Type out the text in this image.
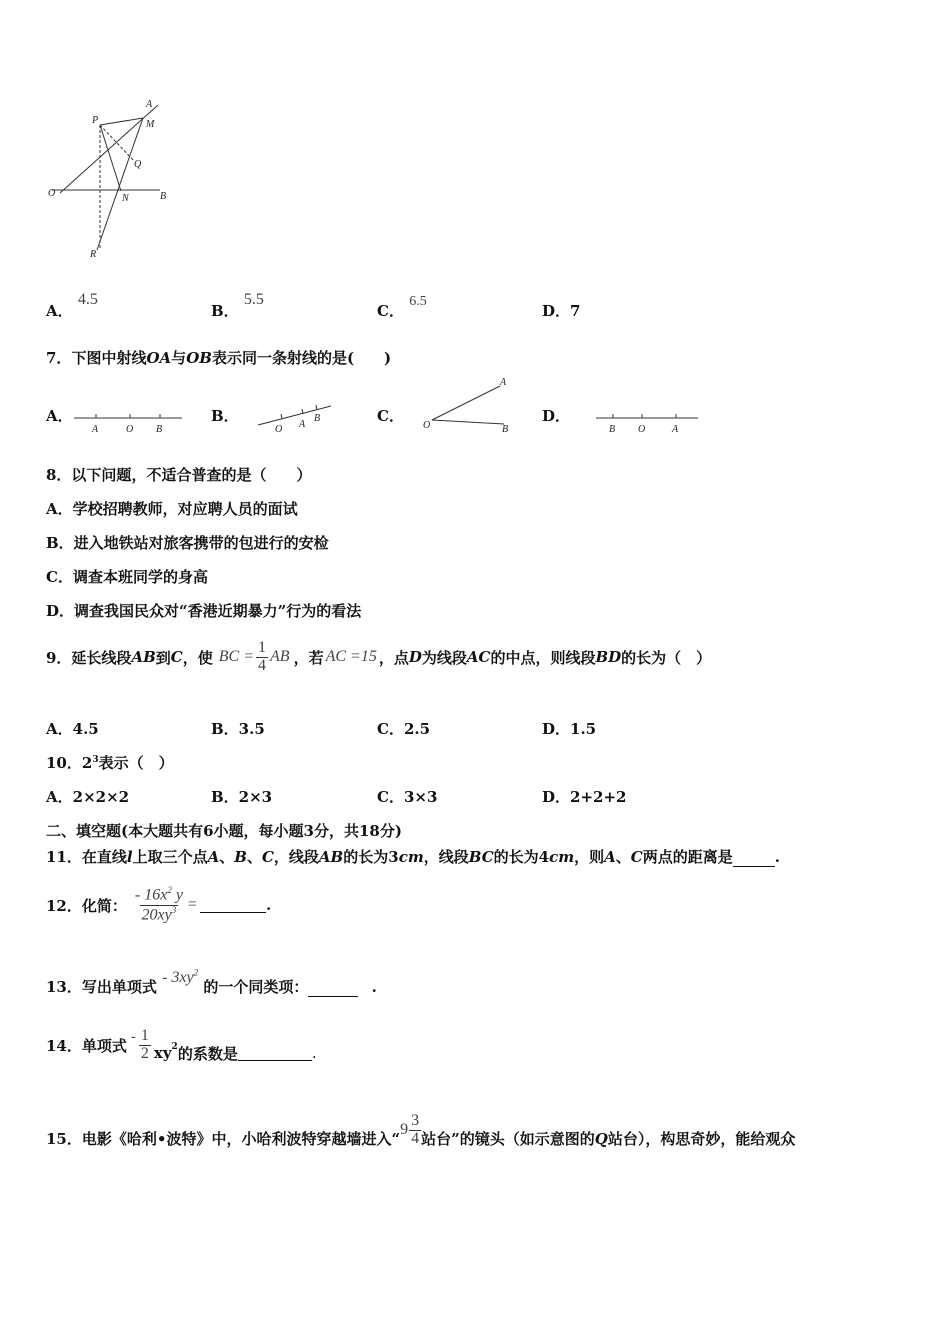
A
M
P
Q
O	N	B
R
A． 4.5
B． 5.5
C． 6.5
D．7
7．下图中射线OA与OB表示同一条射线的是(　　)
A．
A	O B
B．
O A
B	C．
A
O	B
D．
B O	A
8．以下问题，不适合普查的是（　　）
A．学校招聘教师，对应聘人员的面试
B．进入地铁站对旅客携带的包进行的安检
C．调查本班同学的身高
D．调查我国民众对“香港近期暴力”行为的看法
9．延长线段 AB 到 C ，使 BC = $\frac{1}{4}$ AB ，若 AC =15 ，点 D 为线段 AC 的中点，则线段 BD 的长为（　）
A．4.5	B．3.5	C．2.5	D．1.5
10．$2^3$表示（　）
A．2×2×2	B．2×3	C．3×3	D．2+2+2
二、填空题(本大题共有6小题，每小题3分，共18分)
11．在直线l上取三个点A、B、C，线段AB的长为3cm，线段BC的长为4cm，则A、C两点的距离是	.
12．化简： $\frac{- 16x^2 y}{20xy^3}$ =	.
13．写出单项式 - $3xy^2$ 的一个同类项：	.
14．单项式 - $\frac{1}{2} xy^2$ 的系数是	.
15．电影《哈利•波特》中，小哈利波特穿越墙进入“ $9 \frac{3}{4}$ 站台”的镜头（如示意图的Q站台），构思奇妙，能给观众
